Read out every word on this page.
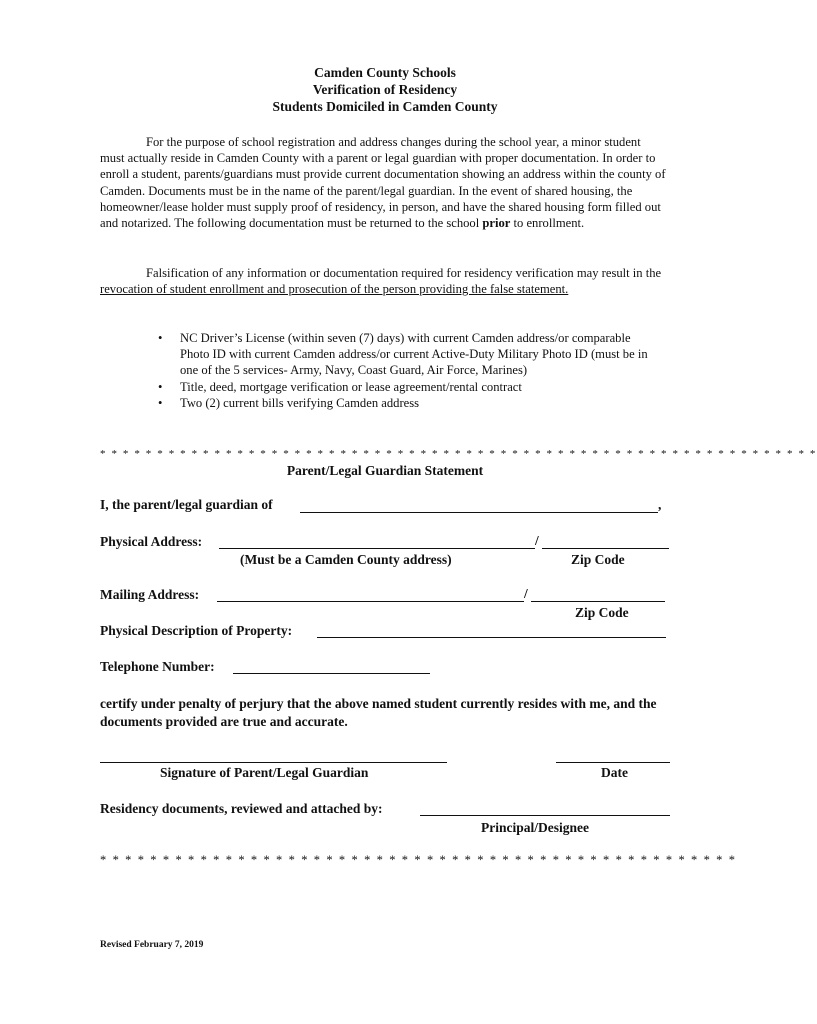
Camden County Schools
Verification of Residency
Students Domiciled in Camden County
For the purpose of school registration and address changes during the school year, a minor student must actually reside in Camden County with a parent or legal guardian with proper documentation. In order to enroll a student, parents/guardians must provide current documentation showing an address within the county of Camden. Documents must be in the name of the parent/legal guardian. In the event of shared housing, the homeowner/lease holder must supply proof of residency, in person, and have the shared housing form filled out and notarized. The following documentation must be returned to the school prior to enrollment.
Falsification of any information or documentation required for residency verification may result in the revocation of student enrollment and prosecution of the person providing the false statement.
• NC Driver’s License (within seven (7) days) with current Camden address/or comparable Photo ID with current Camden address/or current Active-Duty Military Photo ID (must be in one of the 5 services- Army, Navy, Coast Guard, Air Force, Marines)
• Title, deed, mortgage verification or lease agreement/rental contract
• Two (2) current bills verifying Camden address
* * * * * * * * * * * * * * * * * * * * * * * * * * * * * * * * * * * * * * * * * * * * * * * * * * * * * * * * * * * * * * *
Parent/Legal Guardian Statement
I, the parent/legal guardian of	,
Physical Address:	/
(Must be a Camden County address)	Zip Code
Mailing Address:	/
Zip Code
Physical Description of Property:
Telephone Number:
certify under penalty of perjury that the above named student currently resides with me, and the documents provided are true and accurate.
Signature of Parent/Legal Guardian	Date
Residency documents, reviewed and attached by:
Principal/Designee
* * * * * * * * * * * * * * * * * * * * * * * * * * * * * * * * * * * * * * * * * * * * * * * * * * *
Revised February 7, 2019
